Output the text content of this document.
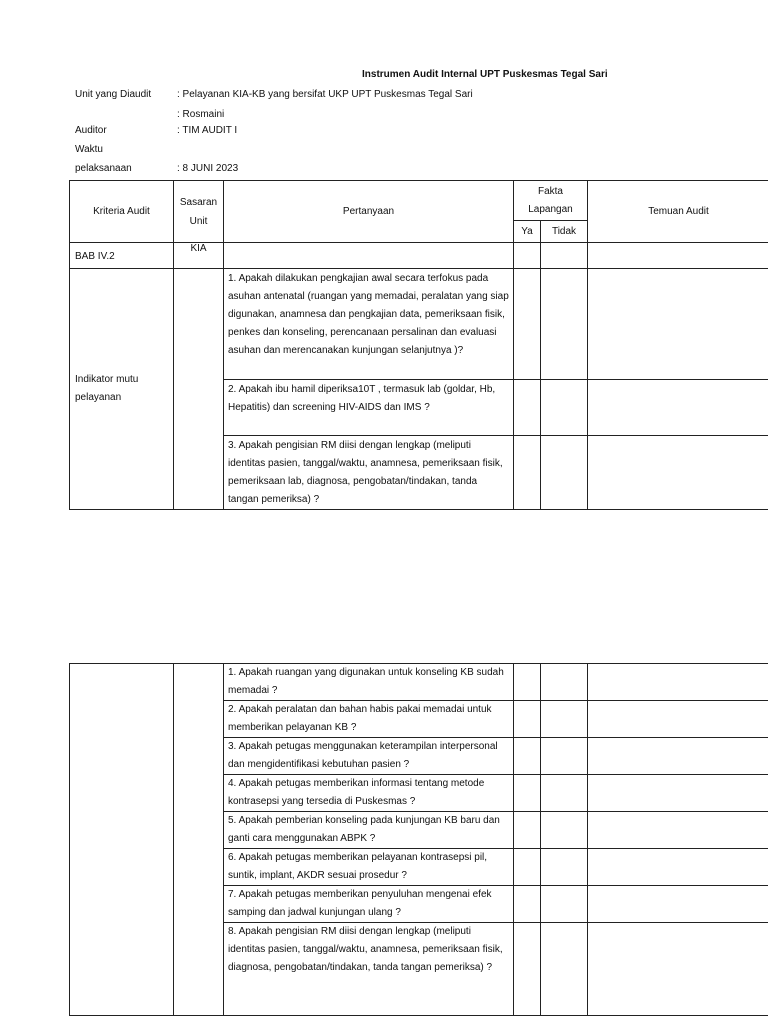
Instrumen Audit Internal UPT Puskesmas Tegal Sari
Unit yang Diaudit	: Pelayanan KIA-KB yang bersifat UKP UPT Puskesmas Tegal Sari
: Rosmaini
Auditor	: TIM AUDIT I
Waktu
pelaksanaan	: 8 JUNI 2023
Kriteria Audit	Sasaran Unit	Pertanyaan	Fakta Lapangan		Temuan Audit
			Ya	Tidak	
BAB IV.2	KIA				
Indikator mutu pelayanan		1. Apakah dilakukan pengkajian awal secara terfokus pada asuhan antenatal (ruangan yang memadai, peralatan yang siap digunakan, anamnesa dan pengkajian data, pemeriksaan fisik, penkes dan konseling, perencanaan persalinan dan evaluasi asuhan dan merencanakan kunjungan selanjutnya )?			
		2. Apakah ibu hamil diperiksa10T , termasuk lab (goldar, Hb, Hepatitis) dan screening HIV-AIDS dan IMS ?			
		3. Apakah pengisian RM diisi dengan lengkap (meliputi identitas pasien, tanggal/waktu, anamnesa, pemeriksaan fisik, pemeriksaan lab, diagnosa, pengobatan/tindakan, tanda tangan pemeriksa) ?			
		1. Apakah ruangan yang digunakan untuk konseling KB sudah memadai ?			
		2. Apakah peralatan dan bahan habis pakai memadai untuk memberikan pelayanan KB ?			
		3. Apakah petugas menggunakan keterampilan interpersonal dan mengidentifikasi kebutuhan pasien ?			
		4. Apakah petugas memberikan informasi tentang metode kontrasepsi yang tersedia di Puskesmas ?			
		5. Apakah pemberian konseling pada kunjungan KB baru dan ganti cara menggunakan ABPK ?			
		6. Apakah petugas memberikan pelayanan kontrasepsi pil, suntik, implant, AKDR sesuai prosedur ?			
		7. Apakah petugas memberikan penyuluhan mengenai efek samping dan jadwal kunjungan ulang ?			
		8. Apakah pengisian RM diisi dengan lengkap (meliputi identitas pasien, tanggal/waktu, anamnesa, pemeriksaan fisik, diagnosa, pengobatan/tindakan, tanda tangan pemeriksa) ?			
